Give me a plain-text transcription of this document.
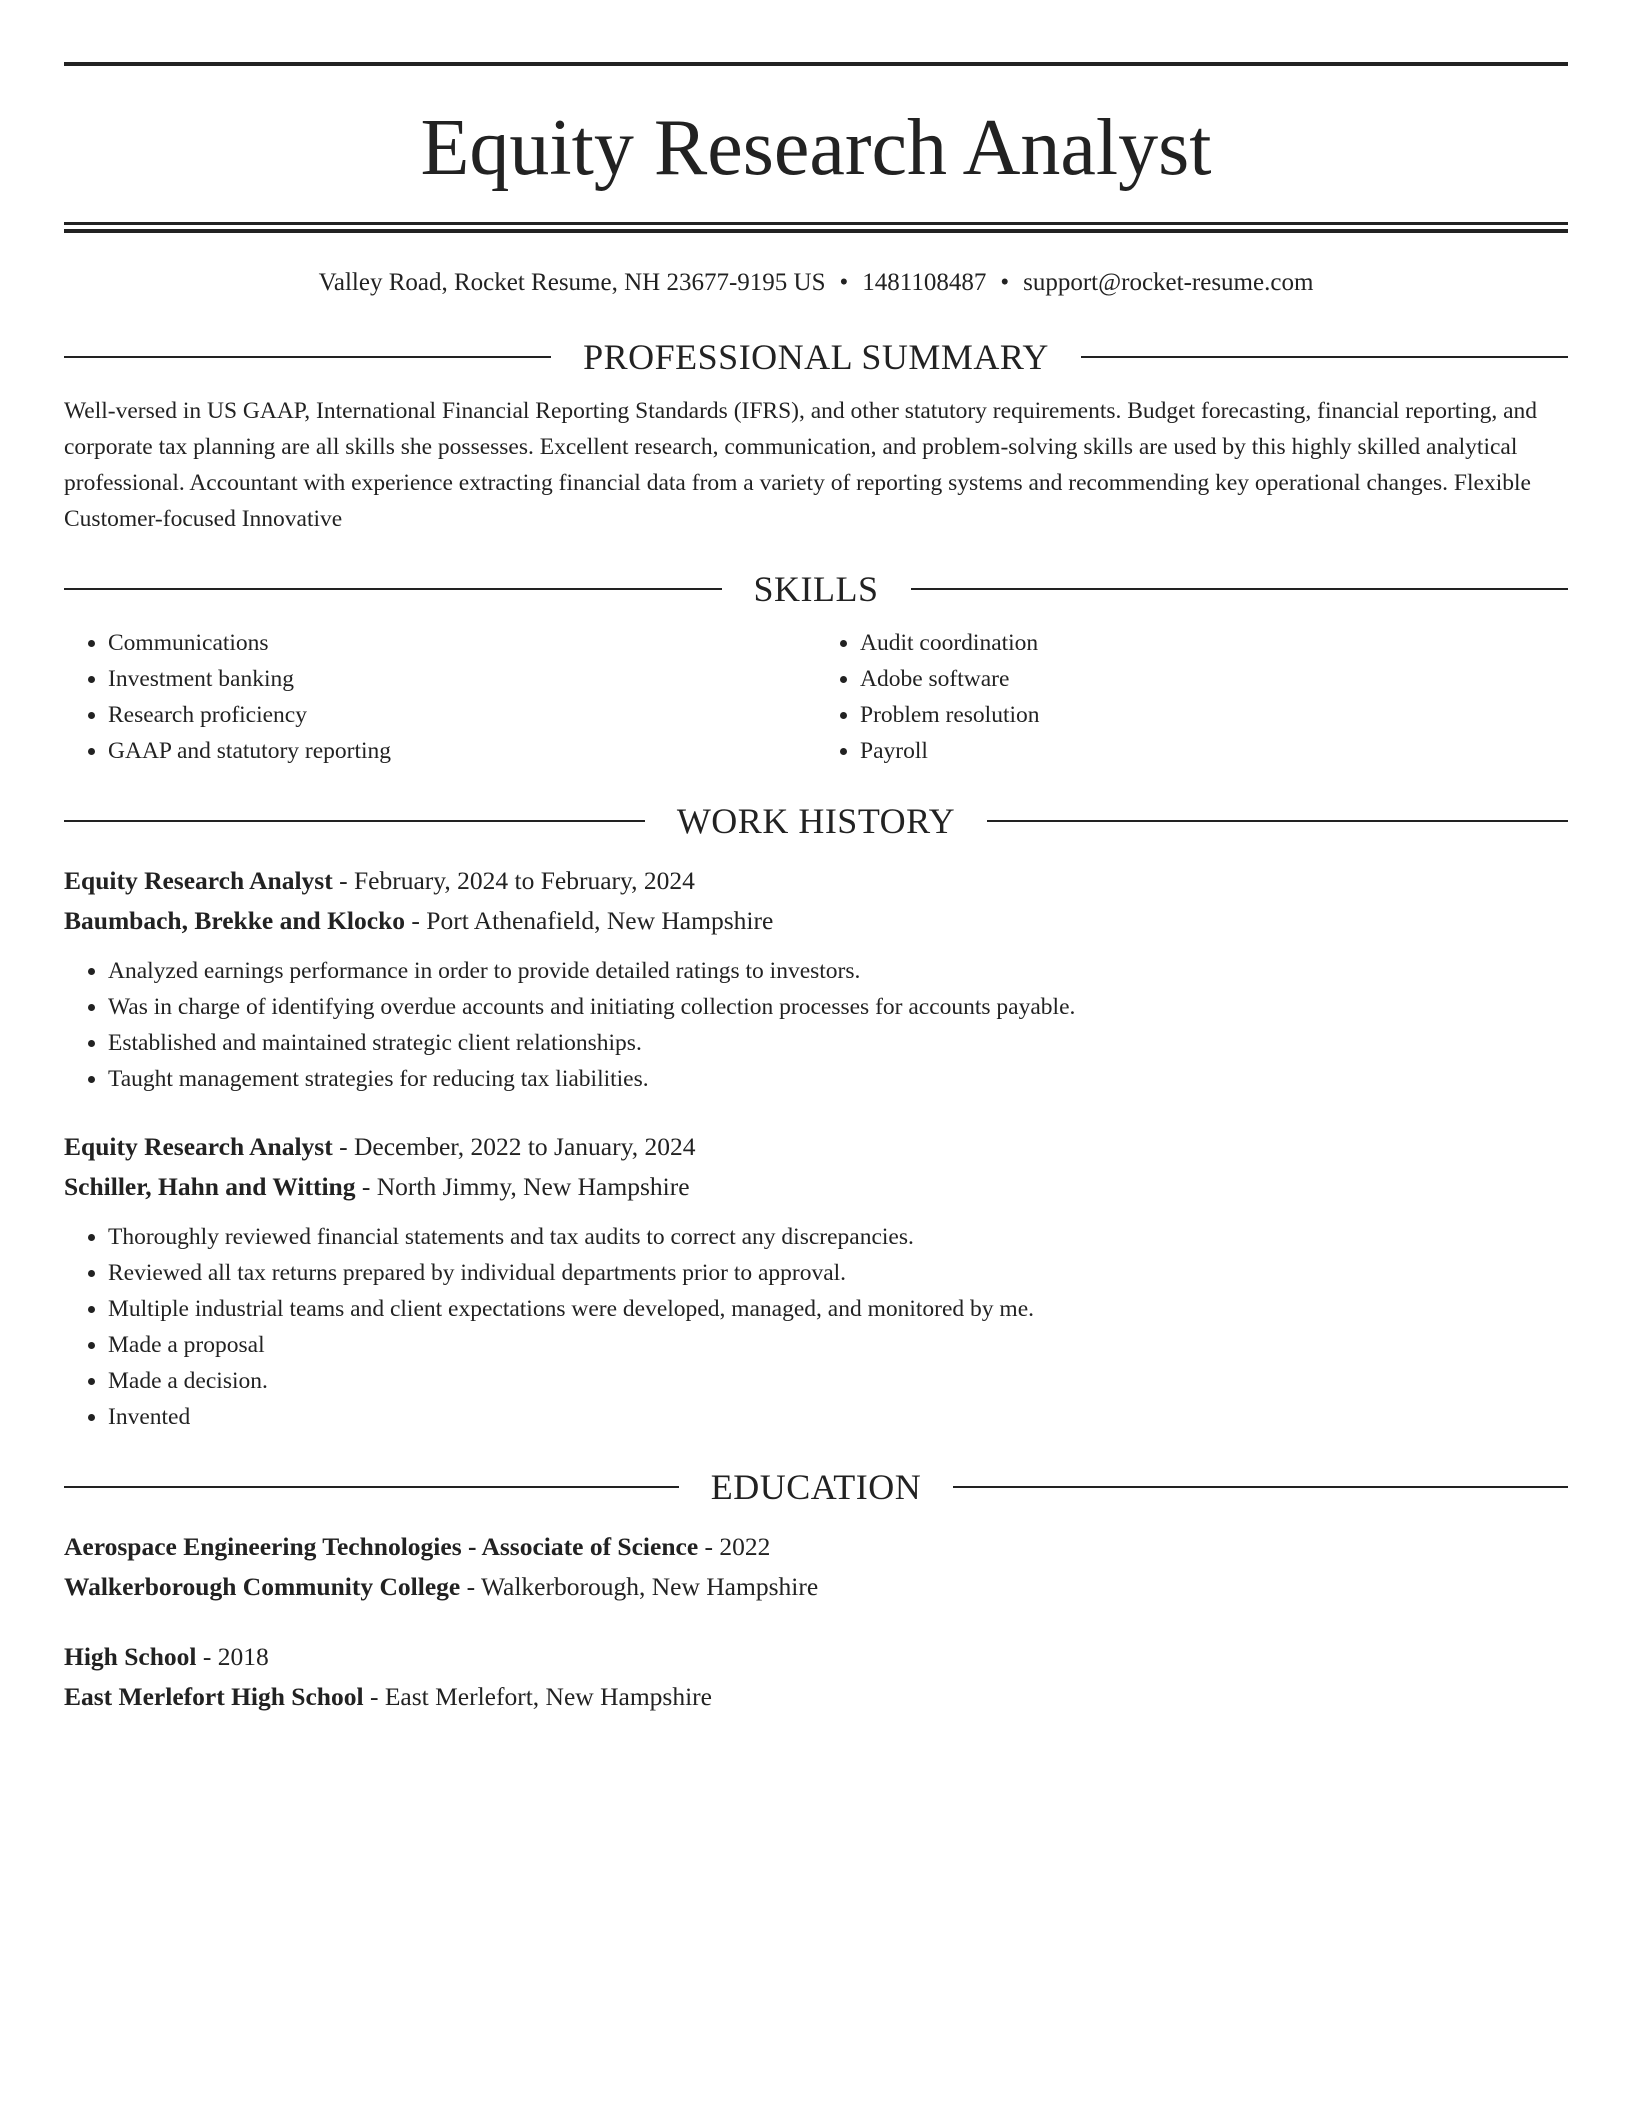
Equity Research Analyst
Valley Road, Rocket Resume, NH 23677-9195 US • 1481108487 • support@rocket-resume.com
PROFESSIONAL SUMMARY
Well-versed in US GAAP, International Financial Reporting Standards (IFRS), and other statutory requirements. Budget forecasting, financial reporting, and corporate tax planning are all skills she possesses. Excellent research, communication, and problem-solving skills are used by this highly skilled analytical professional. Accountant with experience extracting financial data from a variety of reporting systems and recommending key operational changes. Flexible Customer-focused Innovative
SKILLS
• Communications
• Investment banking
• Research proficiency
• GAAP and statutory reporting
• Audit coordination
• Adobe software
• Problem resolution
• Payroll
WORK HISTORY
Equity Research Analyst - February, 2024 to February, 2024
Baumbach, Brekke and Klocko - Port Athenafield, New Hampshire
• Analyzed earnings performance in order to provide detailed ratings to investors.
• Was in charge of identifying overdue accounts and initiating collection processes for accounts payable.
• Established and maintained strategic client relationships.
• Taught management strategies for reducing tax liabilities.
Equity Research Analyst - December, 2022 to January, 2024
Schiller, Hahn and Witting - North Jimmy, New Hampshire
• Thoroughly reviewed financial statements and tax audits to correct any discrepancies.
• Reviewed all tax returns prepared by individual departments prior to approval.
• Multiple industrial teams and client expectations were developed, managed, and monitored by me.
• Made a proposal
• Made a decision.
• Invented
EDUCATION
Aerospace Engineering Technologies - Associate of Science - 2022
Walkerborough Community College - Walkerborough, New Hampshire
High School - 2018
East Merlefort High School - East Merlefort, New Hampshire
